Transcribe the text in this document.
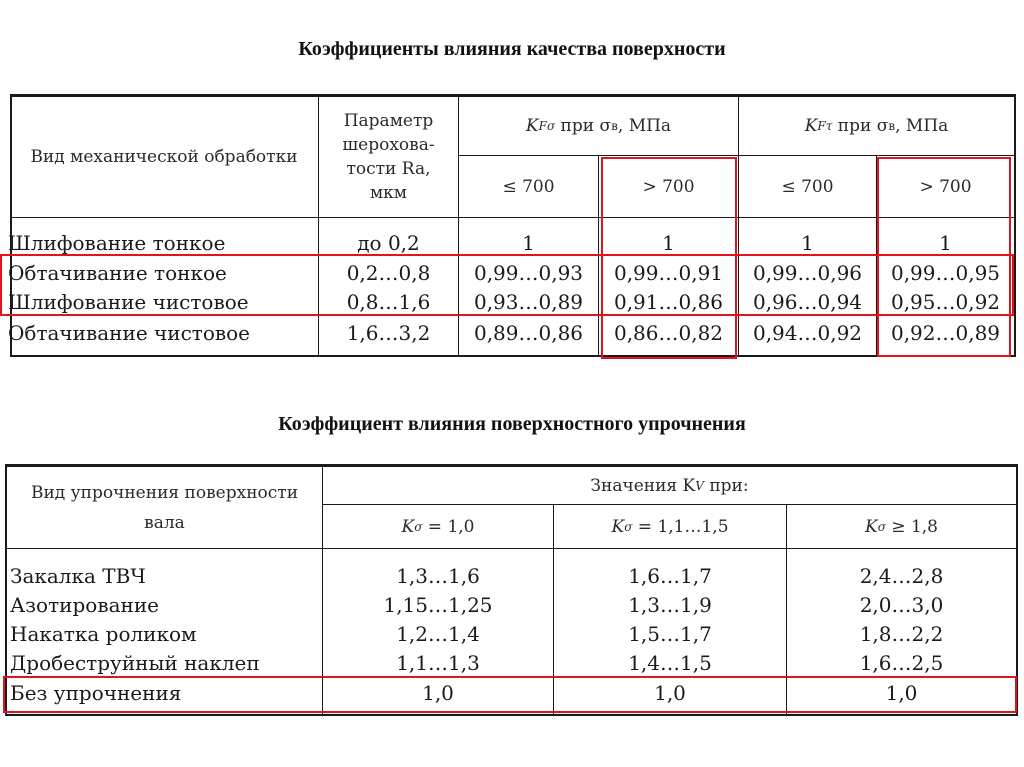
Коэффициенты влияния качества поверхности
Вид механической обработки
Параметр
шерохова-
тости Ra,
мкм
K Fσ при σ в , МПа	K Fτ при σ в , МПа
≤ 700	> 700	≤ 700	> 700
Шлифование тонкое	до 0,2	1	1	1	1
Обтачивание тонкое	0,2…0,8	0,99…0,93	0,99…0,91	0,99…0,96	0,99…0,95
Шлифование чистовое	0,8…1,6	0,93…0,89	0,91…0,86	0,96…0,94	0,95…0,92
Обтачивание чистовое	1,6…3,2	0,89…0,86	0,86…0,82	0,94…0,92	0,92…0,89
Коэффициент влияния поверхностного упрочнения
Вид упрочнения поверхности
вала
Значения K V при:
K σ = 1,0	K σ = 1,1…1,5	K σ ≥ 1,8
Закалка ТВЧ	1,3…1,6	1,6…1,7	2,4…2,8
Азотирование	1,15…1,25	1,3…1,9	2,0…3,0
Накатка роликом	1,2…1,4	1,5…1,7	1,8…2,2
Дробеструйный наклеп	1,1…1,3	1,4…1,5	1,6…2,5
Без упрочнения	1,0	1,0	1,0
